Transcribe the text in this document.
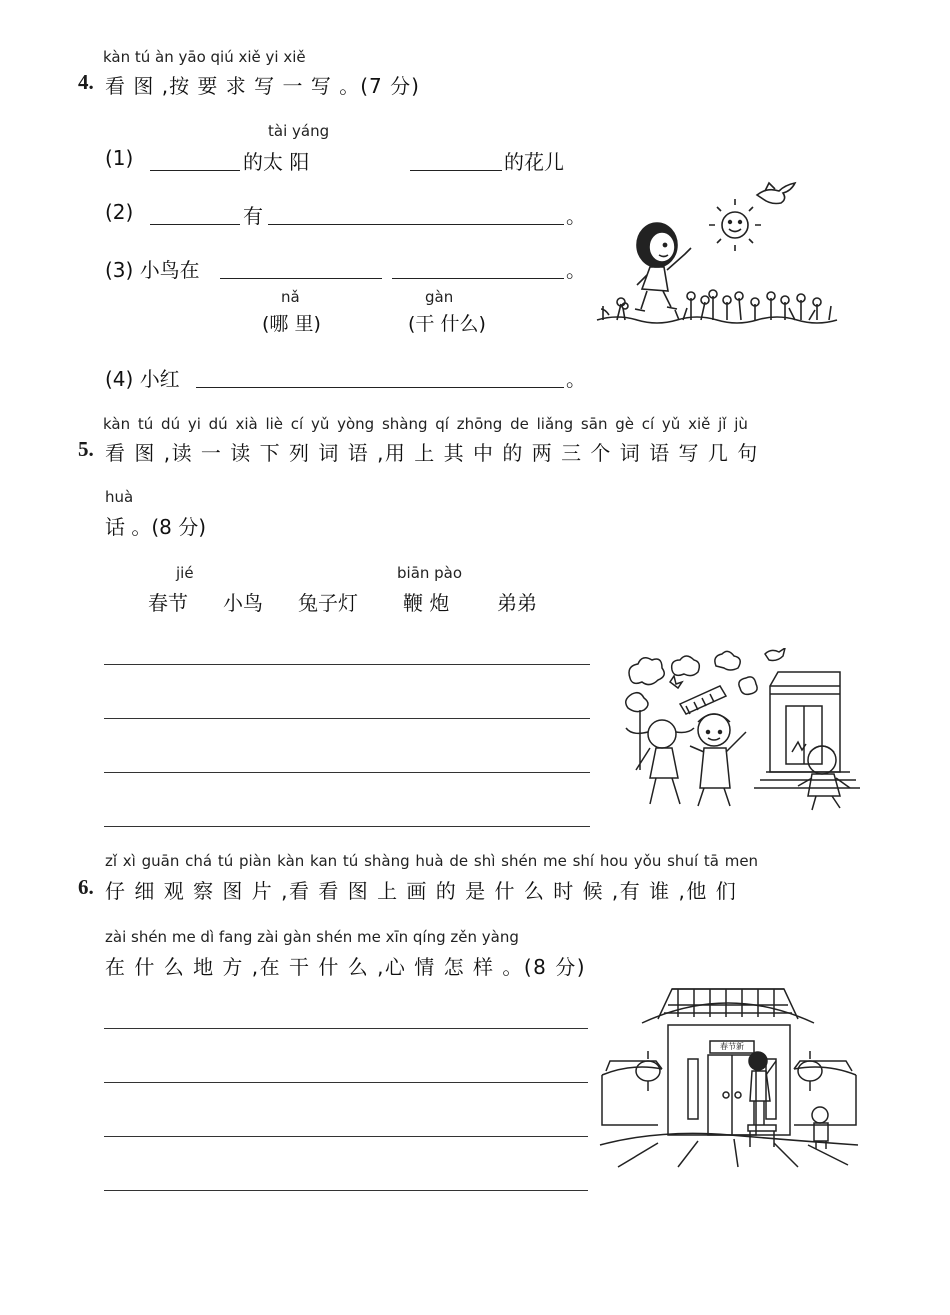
kàn tú àn yāo qiú xiě yi xiě
4. 看 图 ,按 要 求 写 一 写 。(7 分)
tài yáng
(1)	的太 阳	的花儿
(2)	有	。
(3) 小鸟在	。
nǎ
(哪 里)
gàn
(干 什么)
(4) 小红	。
kàn tú dú yi dú xià liè cí yǔ yòng shàng qí zhōng de liǎng sān gè cí yǔ xiě jǐ jù
5. 看 图 ,读 一 读 下 列 词 语 ,用 上 其 中 的 两 三 个 词 语 写 几 句
huà
话 。(8 分)
jié	biān pào
春节 小鸟 兔子灯 鞭 炮 弟弟
zǐ xì guān chá tú piàn kàn kan tú shàng huà de shì shén me shí hou yǒu shuí tā men
6. 仔 细 观 察 图 片 ,看 看 图 上 画 的 是 什 么 时 候 ,有 谁 ,他 们
zài shén me dì fang zài gàn shén me xīn qíng zěn yàng
在 什 么 地 方 ,在 干 什 么 ,心 情 怎 样 。(8 分)
春节新
